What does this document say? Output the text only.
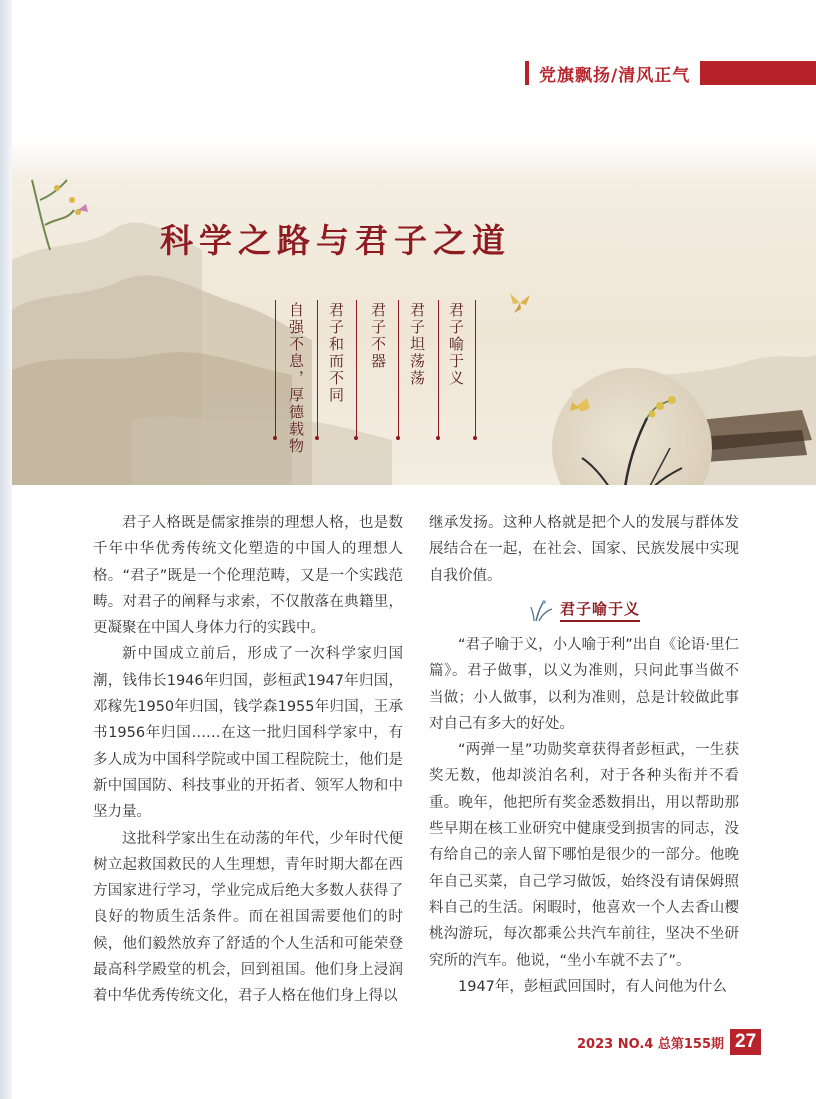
党旗飘扬/清风正气
科学之路与君子之道
君子喻于义
君子坦荡荡
君子不器
君子和而不同
自强不息，厚德载物

君子人格既是儒家推崇的理想人格，也是数千年中华优秀传统文化塑造的中国人的理想人格。“君子”既是一个伦理范畴，又是一个实践范畴。对君子的阐释与求索，不仅散落在典籍里，更凝聚在中国人身体力行的实践中。

新中国成立前后，形成了一次科学家归国潮，钱伟长1946年归国，彭桓武1947年归国，邓稼先1950年归国，钱学森1955年归国，王承书1956年归国……在这一批归国科学家中，有多人成为中国科学院或中国工程院院士，他们是新中国国防、科技事业的开拓者、领军人物和中坚力量。

这批科学家出生在动荡的年代，少年时代便树立起救国救民的人生理想，青年时期大都在西方国家进行学习，学业完成后绝大多数人获得了良好的物质生活条件。而在祖国需要他们的时候，他们毅然放弃了舒适的个人生活和可能荣登最高科学殿堂的机会，回到祖国。他们身上浸润着中华优秀传统文化，君子人格在他们身上得以

继承发扬。这种人格就是把个人的发展与群体发展结合在一起，在社会、国家、民族发展中实现自我价值。

君子喻于义

“君子喻于义，小人喻于利”出自《论语·里仁篇》。君子做事，以义为准则，只问此事当做不当做；小人做事，以利为准则，总是计较做此事对自己有多大的好处。

“两弹一星”功勋奖章获得者彭桓武，一生获奖无数，他却淡泊名利，对于各种头衔并不看重。晚年，他把所有奖金悉数捐出，用以帮助那些早期在核工业研究中健康受到损害的同志，没有给自己的亲人留下哪怕是很少的一部分。他晚年自己买菜，自己学习做饭，始终没有请保姆照料自己的生活。闲暇时，他喜欢一个人去香山樱桃沟游玩，每次都乘公共汽车前往，坚决不坐研究所的汽车。他说，“坐小车就不去了”。

1947年，彭桓武回国时，有人问他为什么

2023 NO.4 总第155期 27
